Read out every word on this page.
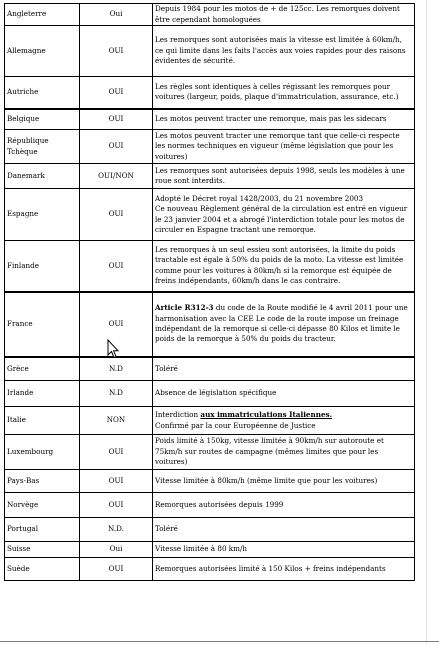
Angleterre	Oui	Depuis 1984 pour les motos de + de 125cc. Les remorques doivent être cependant homologuées

Allemagne	OUI	Les remorques sont autorisées mais la vitesse est limitée à 60km/h, ce qui limite dans les faits l'accès aux voies rapides pour des raisons évidentes de sécurité.

Autriche	OUI	Les règles sont identiques à celles régissant les remorques pour voitures (largeur, poids, plaque d'immatriculation, assurance, etc.)

Belgique	OUI	Les motos peuvent tracter une remorque, mais pas les sidecars

République Tchèque	OUI	Les motos peuvent tracter une remorque tant que celle-ci respecte les normes techniques en vigueur (même législation que pour les voitures)

Danemark	OUI/NON	Les remorques sont autorisées depuis 1998, seuls les modèles à une roue sont interdits.

Espagne	OUI	Adopté le Décret royal 1428/2003, du 21 novembre 2003
Ce nouveau Règlement général de la circulation est entré en vigueur le 23 janvier 2004 et a abrogé l'interdiction totale pour les motos de circuler en Espagne tractant une remorque.

Finlande	OUI	Les remorques à un seul essieu sont autorisées, la limite du poids tractable est égale à 50% du poids de la moto. La vitesse est limitée comme pour les voitures à 80km/h si la remorque est équipée de freins indépendants, 60km/h dans le cas contraire.

France	OUI	Article R312-3 du code de la Route modifié le 4 avril 2011 pour une harmonisation avec la CEE Le code de la route impose un freinage indépendant de la remorque si celle-ci dépasse 80 Kilos et limite le poids de la remorque à 50% du poids du tracteur.

Grèce	N.D	Toléré

Irlande	N.D	Absence de législation spécifique

Italie	NON	Interdiction aux immatriculations Italiennes.
Confirmé par la cour Européenne de Justice

Luxembourg	OUI	Poids limité à 150kg, vitesse limitée à 90km/h sur autoroute et 75km/h sur routes de campagne (mêmes limites que pour les voitures)

Pays-Bas	OUI	Vitesse limitée à 80km/h (même limite que pour les voitures)

Norvège	OUI	Remorques autorisées depuis 1999

Portugal	N.D.	Toléré

Suisse	Oui	Vitesse limitée à 80 km/h

Suède	OUI	Remorques autorisées limité à 150 Kilos + freins indépendants
